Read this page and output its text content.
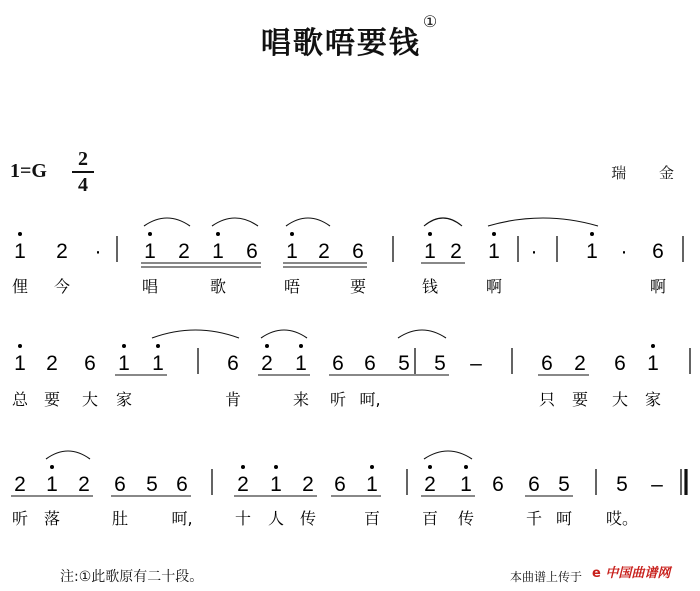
唱歌唔要钱①
1=G
2
4
瑞 金
1 2 · 1 2 1 6 1 2 6	1 2 1 · 1 · 6
俚 今	唱	歌	唔	要	钱	啊	啊
1 2 6 1 1	6 2 1 6 6 5 5 –	6 2 6 1
总 要 大 家	肯	来 听 呵,	只 要 大 家
2 1 2 6 5 6 2 1 2 6 1 2 1 6 6 5 5 –
听 落	肚	呵,	十 人 传	百	百 传	千 呵 哎。
注:①此歌原有二十段。	本曲谱上传于 e 中国曲谱网
